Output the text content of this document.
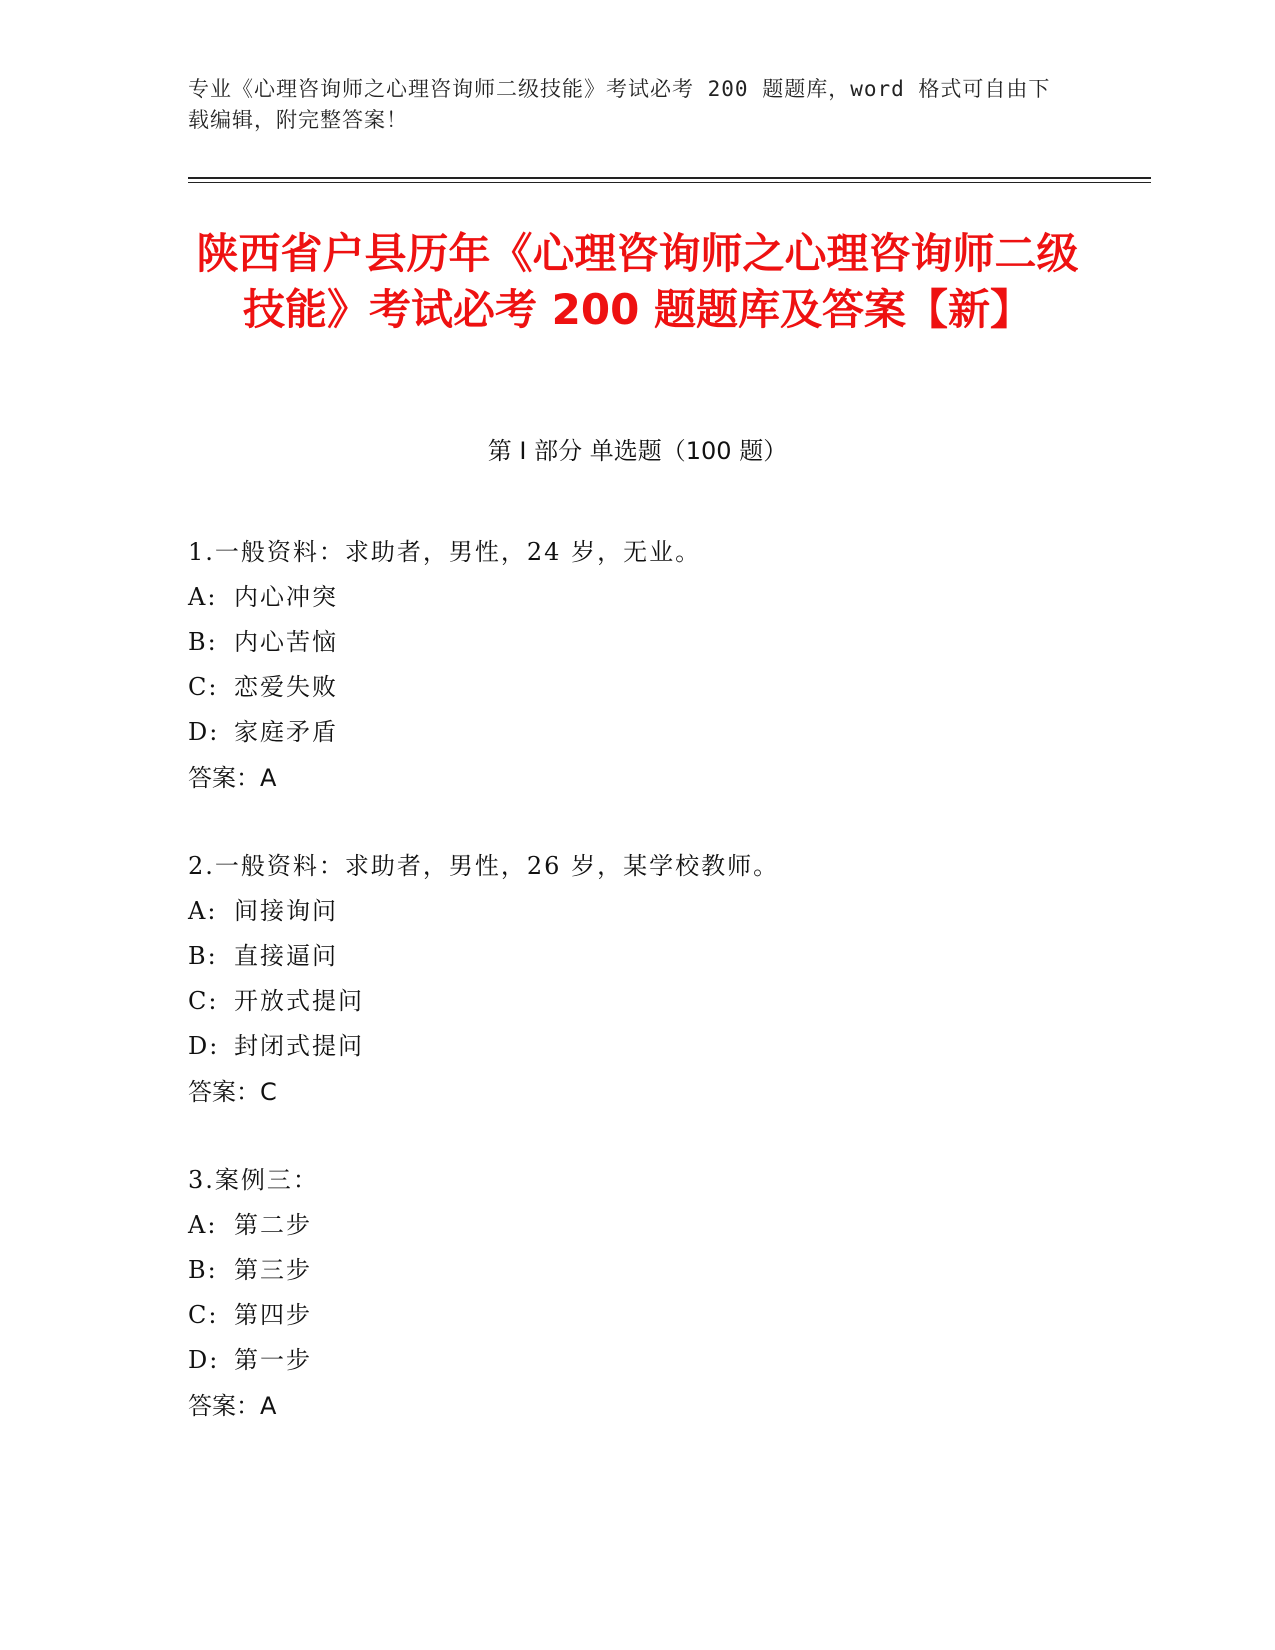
专业《心理咨询师之心理咨询师二级技能》考试必考 200 题题库，word 格式可自由下载编辑，附完整答案！
陕西省户县历年《心理咨询师之心理咨询师二级技能》考试必考 200 题题库及答案【新】
第 I 部分 单选题（100 题）
1.一般资料：求助者，男性，24 岁，无业。
A: 内心冲突
B: 内心苦恼
C: 恋爱失败
D: 家庭矛盾
答案：A
2.一般资料：求助者，男性，26 岁，某学校教师。
A: 间接询问
B: 直接逼问
C: 开放式提问
D: 封闭式提问
答案：C
3.案例三：
A: 第二步
B: 第三步
C: 第四步
D: 第一步
答案：A
